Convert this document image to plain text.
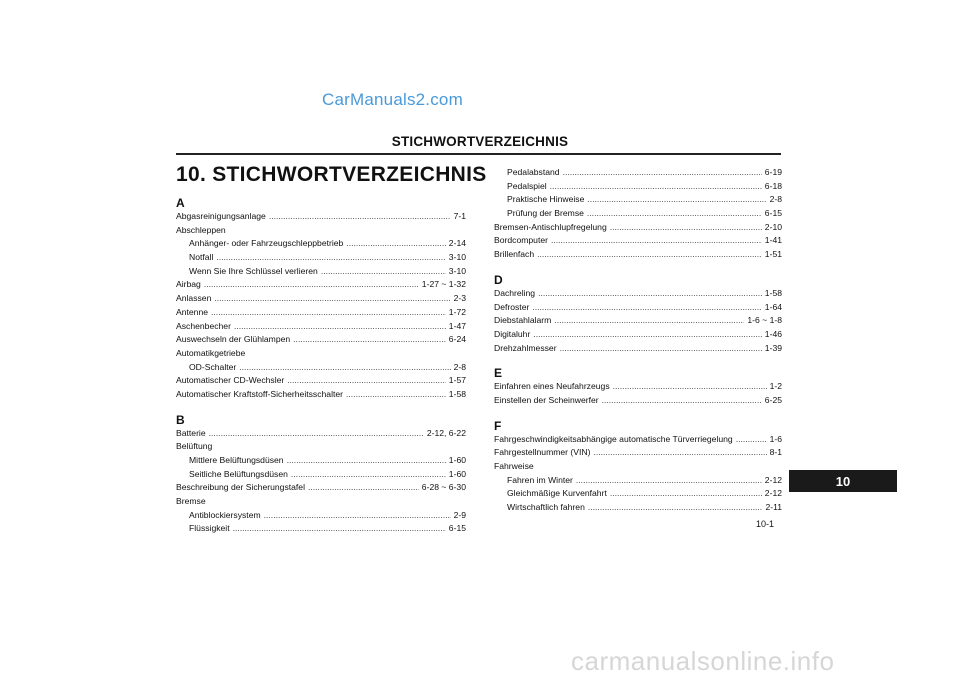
CarManuals2.com
STICHWORTVERZEICHNIS
10. STICHWORTVERZEICHNIS
A
Abgasreinigungsanlage .....	7-1
Abschleppen
Anhänger- oder Fahrzeugschleppbetrieb .....	2-14
Notfall .....	3-10
Wenn Sie Ihre Schlüssel verlieren .....	3-10
Airbag .....	1-27 ~ 1-32
Anlassen .....	2-3
Antenne .....	1-72
Aschenbecher .....	1-47
Auswechseln der Glühlampen .....	6-24
Automatikgetriebe
OD-Schalter .....	2-8
Automatischer CD-Wechsler .....	1-57
Automatischer Kraftstoff-Sicherheitsschalter .....	1-58
B
Batterie .....	2-12, 6-22
Belüftung
Mittlere Belüftungsdüsen .....	1-60
Seitliche Belüftungsdüsen .....	1-60
Beschreibung der Sicherungstafel .....	6-28 ~ 6-30
Bremse
Antiblockiersystem .....	2-9
Flüssigkeit .....	6-15
Pedalabstand .....	6-19
Pedalspiel .....	6-18
Praktische Hinweise .....	2-8
Prüfung der Bremse .....	6-15
Bremsen-Antischlupfregelung .....	2-10
Bordcomputer .....	1-41
Brillenfach .....	1-51
D
Dachreling .....	1-58
Defroster .....	1-64
Diebstahlalarm .....	1-6 ~ 1-8
Digitaluhr .....	1-46
Drehzahlmesser .....	1-39
E
Einfahren eines Neufahrzeugs .....	1-2
Einstellen der Scheinwerfer .....	6-25
F
Fahrgeschwindigkeitsabhängige automatische Türverriegelung .....	1-6
Fahrgestellnummer (VIN) .....	8-1
Fahrweise
Fahren im Winter .....	2-12
Gleichmäßige Kurvenfahrt .....	2-12
Wirtschaftlich fahren .....	2-11
10
10-1
carmanualsonline.info
